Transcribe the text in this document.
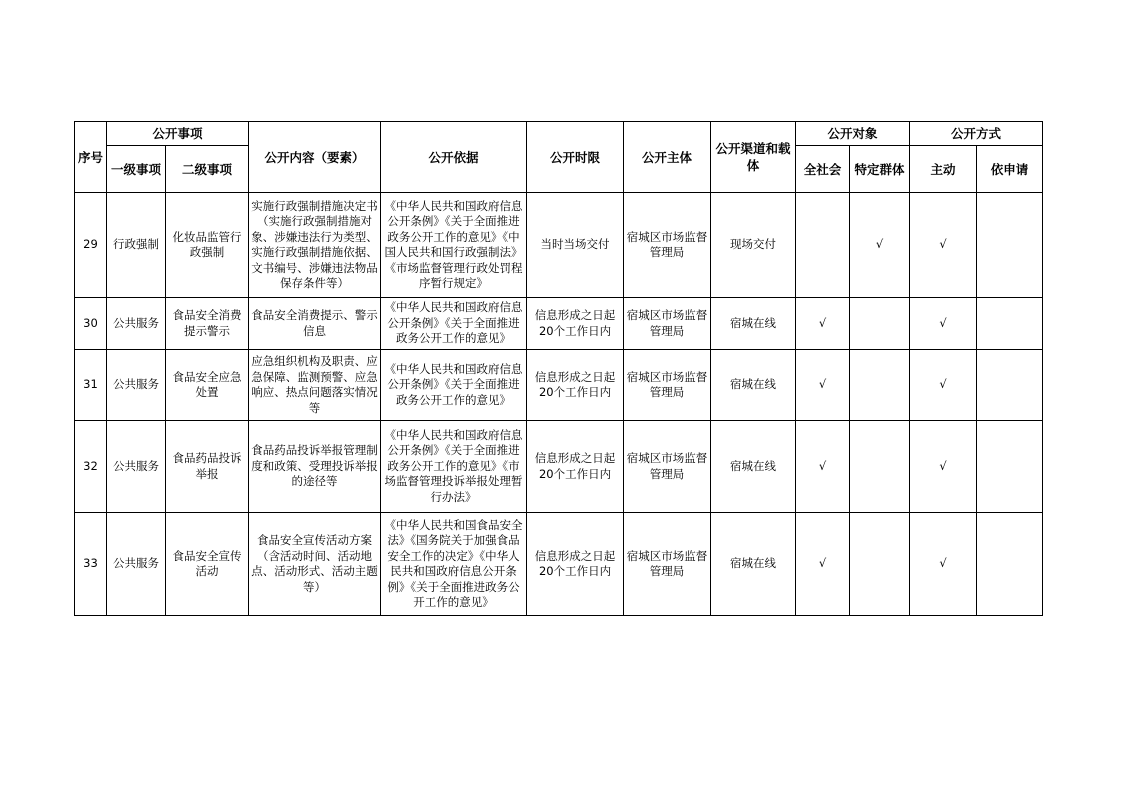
序号	公开事项		公开内容（要素）	公开依据	公开时限	公开主体	公开渠道和载体	公开对象		公开方式	
	一级事项	二级事项						全社会	特定群体	主动	依申请
29	行政强制	化妆品监管行政强制	实施行政强制措施决定书（实施行政强制措施对象、涉嫌违法行为类型、实施行政强制措施依据、文书编号、涉嫌违法物品保存条件等）	《中华人民共和国政府信息公开条例》《关于全面推进政务公开工作的意见》《中国人民共和国行政强制法》《市场监督管理行政处罚程序暂行规定》	当时当场交付	宿城区市场监督管理局	现场交付		√	√	
30	公共服务	食品安全消费提示警示	食品安全消费提示、警示信息	《中华人民共和国政府信息公开条例》《关于全面推进政务公开工作的意见》	信息形成之日起20个工作日内	宿城区市场监督管理局	宿城在线	√		√	
31	公共服务	食品安全应急处置	应急组织机构及职责、应急保障、监测预警、应急响应、热点问题落实情况等	《中华人民共和国政府信息公开条例》《关于全面推进政务公开工作的意见》	信息形成之日起20个工作日内	宿城区市场监督管理局	宿城在线	√		√	
32	公共服务	食品药品投诉举报	食品药品投诉举报管理制度和政策、受理投诉举报的途径等	《中华人民共和国政府信息公开条例》《关于全面推进政务公开工作的意见》《市场监督管理投诉举报处理暂行办法》	信息形成之日起20个工作日内	宿城区市场监督管理局	宿城在线	√		√	
33	公共服务	食品安全宣传活动	食品安全宣传活动方案（含活动时间、活动地点、活动形式、活动主题等）	《中华人民共和国食品安全法》《国务院关于加强食品安全工作的决定》《中华人民共和国政府信息公开条例》《关于全面推进政务公开工作的意见》	信息形成之日起20个工作日内	宿城区市场监督管理局	宿城在线	√		√	
